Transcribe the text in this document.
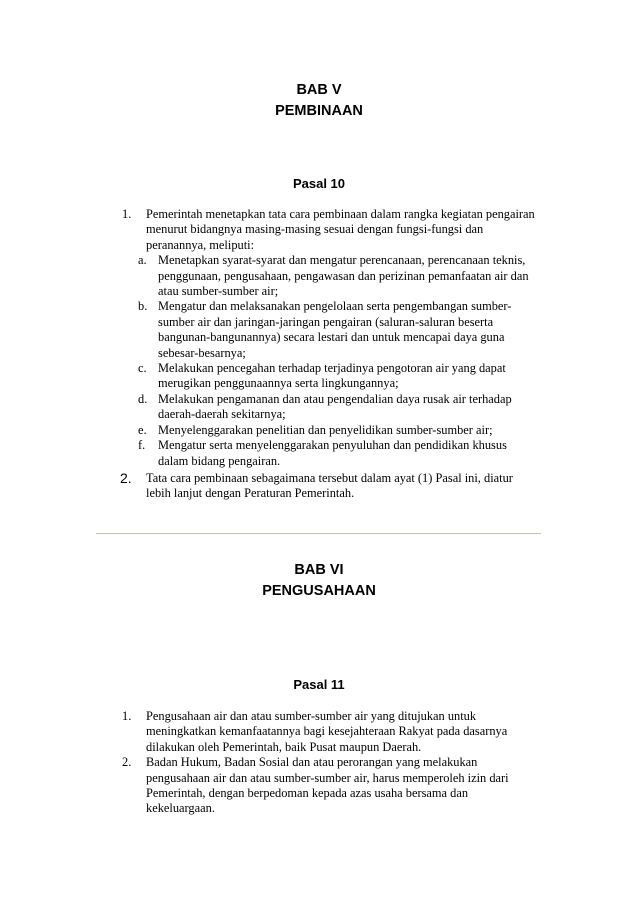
BAB V
PEMBINAAN
Pasal 10
1. Pemerintah menetapkan tata cara pembinaan dalam rangka kegiatan pengairan menurut bidangnya masing-masing sesuai dengan fungsi-fungsi dan peranannya, meliputi:
a. Menetapkan syarat-syarat dan mengatur perencanaan, perencanaan teknis, penggunaan, pengusahaan, pengawasan dan perizinan pemanfaatan air dan atau sumber-sumber air;
b. Mengatur dan melaksanakan pengelolaan serta pengembangan sumber-sumber air dan jaringan-jaringan pengairan (saluran-saluran beserta bangunan-bangunannya) secara lestari dan untuk mencapai daya guna sebesar-besarnya;
c. Melakukan pencegahan terhadap terjadinya pengotoran air yang dapat merugikan penggunaannya serta lingkungannya;
d. Melakukan pengamanan dan atau pengendalian daya rusak air terhadap daerah-daerah sekitarnya;
e. Menyelenggarakan penelitian dan penyelidikan sumber-sumber air;
f. Mengatur serta menyelenggarakan penyuluhan dan pendidikan khusus dalam bidang pengairan.
2. Tata cara pembinaan sebagaimana tersebut dalam ayat (1) Pasal ini, diatur lebih lanjut dengan Peraturan Pemerintah.
BAB VI
PENGUSAHAAN
Pasal 11
1. Pengusahaan air dan atau sumber-sumber air yang ditujukan untuk meningkatkan kemanfaatannya bagi kesejahteraan Rakyat pada dasarnya dilakukan oleh Pemerintah, baik Pusat maupun Daerah.
2. Badan Hukum, Badan Sosial dan atau perorangan yang melakukan pengusahaan air dan atau sumber-sumber air, harus memperoleh izin dari Pemerintah, dengan berpedoman kepada azas usaha bersama dan kekeluargaan.
